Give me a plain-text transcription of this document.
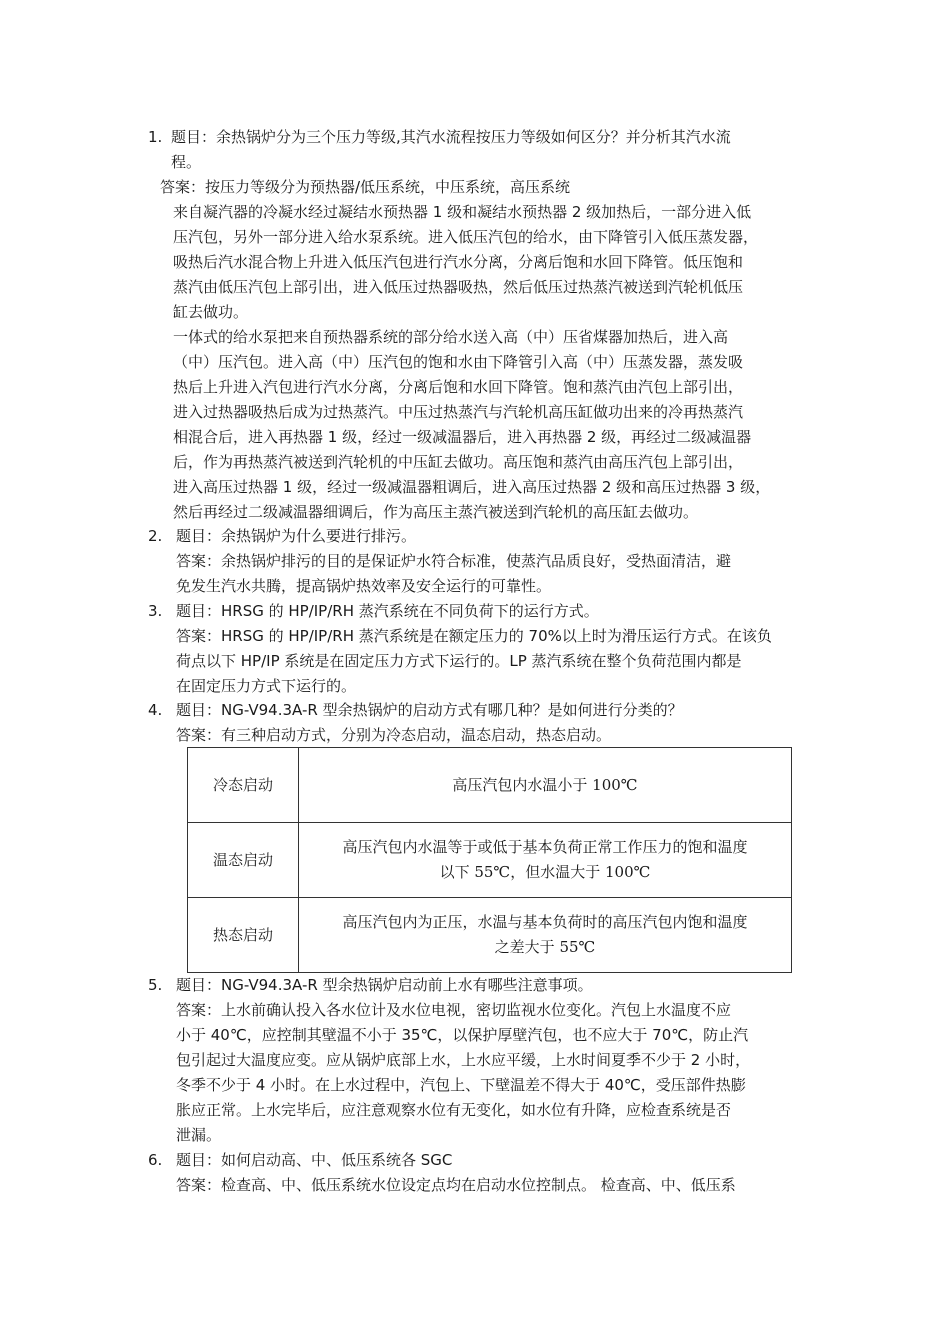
1. 题目：余热锅炉分为三个压力等级,其汽水流程按压力等级如何区分？并分析其汽水流
程。
答案：按压力等级分为预热器/低压系统，中压系统，高压系统
来自凝汽器的冷凝水经过凝结水预热器 1 级和凝结水预热器 2 级加热后，一部分进入低
压汽包，另外一部分进入给水泵系统。进入低压汽包的给水，由下降管引入低压蒸发器，
吸热后汽水混合物上升进入低压汽包进行汽水分离，分离后饱和水回下降管。低压饱和
蒸汽由低压汽包上部引出，进入低压过热器吸热，然后低压过热蒸汽被送到汽轮机低压
缸去做功。
一体式的给水泵把来自预热器系统的部分给水送入高（中）压省煤器加热后，进入高
（中）压汽包。进入高（中）压汽包的饱和水由下降管引入高（中）压蒸发器，蒸发吸
热后上升进入汽包进行汽水分离，分离后饱和水回下降管。饱和蒸汽由汽包上部引出，
进入过热器吸热后成为过热蒸汽。中压过热蒸汽与汽轮机高压缸做功出来的冷再热蒸汽
相混合后，进入再热器 1 级，经过一级减温器后，进入再热器 2 级，再经过二级减温器
后，作为再热蒸汽被送到汽轮机的中压缸去做功。高压饱和蒸汽由高压汽包上部引出，
进入高压过热器 1 级，经过一级减温器粗调后，进入高压过热器 2 级和高压过热器 3 级，
然后再经过二级减温器细调后，作为高压主蒸汽被送到汽轮机的高压缸去做功。
2. 题目：余热锅炉为什么要进行排污。
答案：余热锅炉排污的目的是保证炉水符合标准，使蒸汽品质良好，受热面清洁，避
免发生汽水共腾，提高锅炉热效率及安全运行的可靠性。
3. 题目：HRSG 的 HP/IP/RH 蒸汽系统在不同负荷下的运行方式。
答案：HRSG 的 HP/IP/RH 蒸汽系统是在额定压力的 70%以上时为滑压运行方式。在该负
荷点以下 HP/IP 系统是在固定压力方式下运行的。LP 蒸汽系统在整个负荷范围内都是
在固定压力方式下运行的。
4. 题目：NG-V94.3A-R 型余热锅炉的启动方式有哪几种？是如何进行分类的？
答案：有三种启动方式，分别为冷态启动，温态启动，热态启动。
冷态启动	高压汽包内水温小于 100℃

温态启动	高压汽包内水温等于或低于基本负荷正常工作压力的饱和温度
以下 55℃，但水温大于 100℃

热态启动	高压汽包内为正压，水温与基本负荷时的高压汽包内饱和温度
之差大于 55℃
5. 题目：NG-V94.3A-R 型余热锅炉启动前上水有哪些注意事项。
答案：上水前确认投入各水位计及水位电视，密切监视水位变化。汽包上水温度不应
小于 40℃，应控制其壁温不小于 35℃，以保护厚壁汽包，也不应大于 70℃，防止汽
包引起过大温度应变。应从锅炉底部上水，上水应平缓，上水时间夏季不少于 2 小时，
冬季不少于 4 小时。在上水过程中，汽包上、下壁温差不得大于 40℃，受压部件热膨
胀应正常。上水完毕后，应注意观察水位有无变化，如水位有升降，应检查系统是否
泄漏。
6. 题目：如何启动高、中、低压系统各 SGC
答案：检查高、中、低压系统水位设定点均在启动水位控制点。 检查高、中、低压系
